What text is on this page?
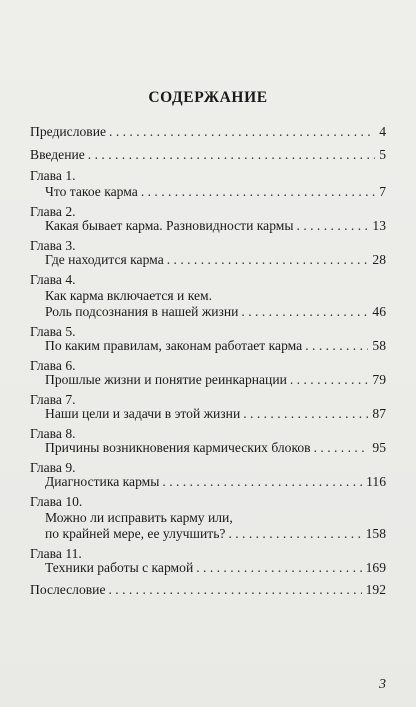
СОДЕРЖАНИЕ
Предисловие . . .	4
Введение . . .	5
Глава 1.
Что такое карма . . .	7
Глава 2.
Какая бывает карма. Разновидности кармы . . .	13
Глава 3.
Где находится карма . . .	28
Глава 4.
Как карма включается и кем.
Роль подсознания в нашей жизни . . .	46
Глава 5.
По каким правилам, законам работает карма . . .	58
Глава 6.
Прошлые жизни и понятие реинкарнации . . .	79
Глава 7.
Наши цели и задачи в этой жизни . . .	87
Глава 8.
Причины возникновения кармических блоков . . .	95
Глава 9.
Диагностика кармы . . .	116
Глава 10.
Можно ли исправить карму или,
по крайней мере, ее улучшить? . . .	158
Глава 11.
Техники работы с кармой . . .	169
Послесловие . . .	192
3
